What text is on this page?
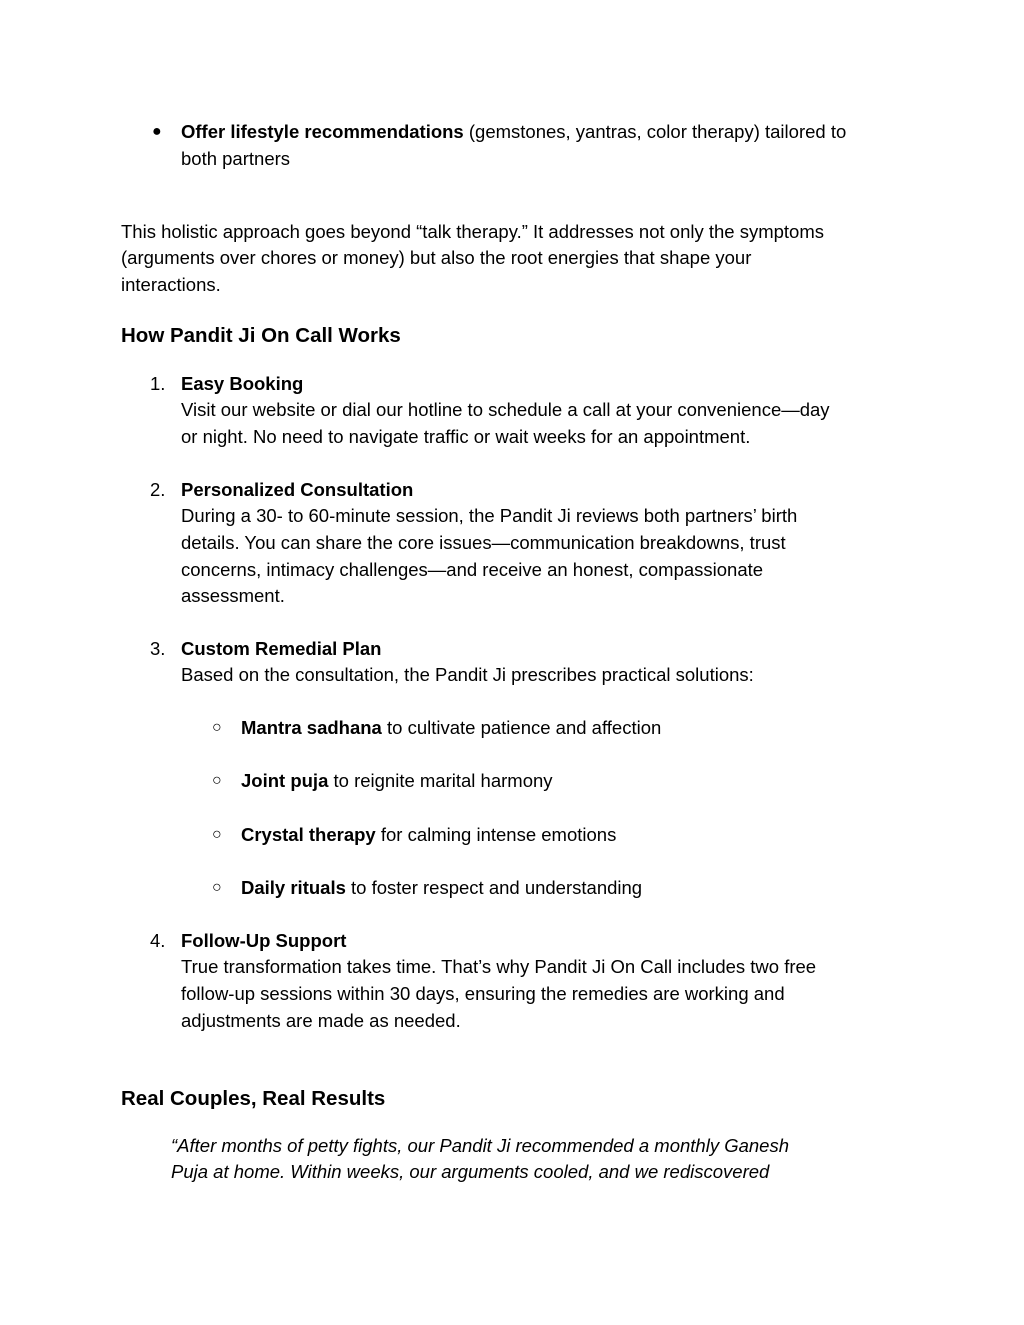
● Offer lifestyle recommendations (gemstones, yantras, color therapy) tailored to
both partners
This holistic approach goes beyond “talk therapy.” It addresses not only the symptoms
(arguments over chores or money) but also the root energies that shape your
interactions.
How Pandit Ji On Call Works
1. Easy Booking
Visit our website or dial our hotline to schedule a call at your convenience—day
or night. No need to navigate traffic or wait weeks for an appointment.
2. Personalized Consultation
During a 30- to 60-minute session, the Pandit Ji reviews both partners’ birth
details. You can share the core issues—communication breakdowns, trust
concerns, intimacy challenges—and receive an honest, compassionate
assessment.
3. Custom Remedial Plan
Based on the consultation, the Pandit Ji prescribes practical solutions:
○ Mantra sadhana to cultivate patience and affection
○ Joint puja to reignite marital harmony
○ Crystal therapy for calming intense emotions
○ Daily rituals to foster respect and understanding
4. Follow-Up Support
True transformation takes time. That’s why Pandit Ji On Call includes two free
follow-up sessions within 30 days, ensuring the remedies are working and
adjustments are made as needed.
Real Couples, Real Results
“After months of petty fights, our Pandit Ji recommended a monthly Ganesh
Puja at home. Within weeks, our arguments cooled, and we rediscovered
